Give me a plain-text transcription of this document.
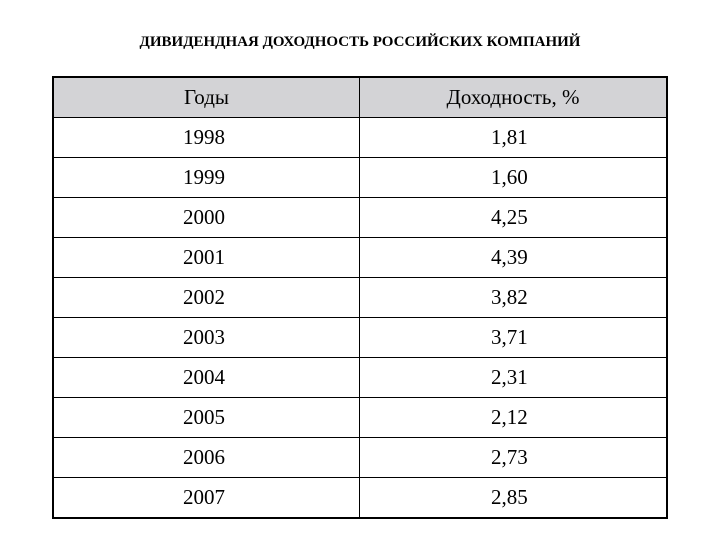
ДИВИДЕНДНАЯ ДОХОДНОСТЬ РОССИЙСКИХ КОМПАНИЙ
Годы	Доходность, %
1998	1,81
1999	1,60
2000	4,25
2001	4,39
2002	3,82
2003	3,71
2004	2,31
2005	2,12
2006	2,73
2007	2,85
